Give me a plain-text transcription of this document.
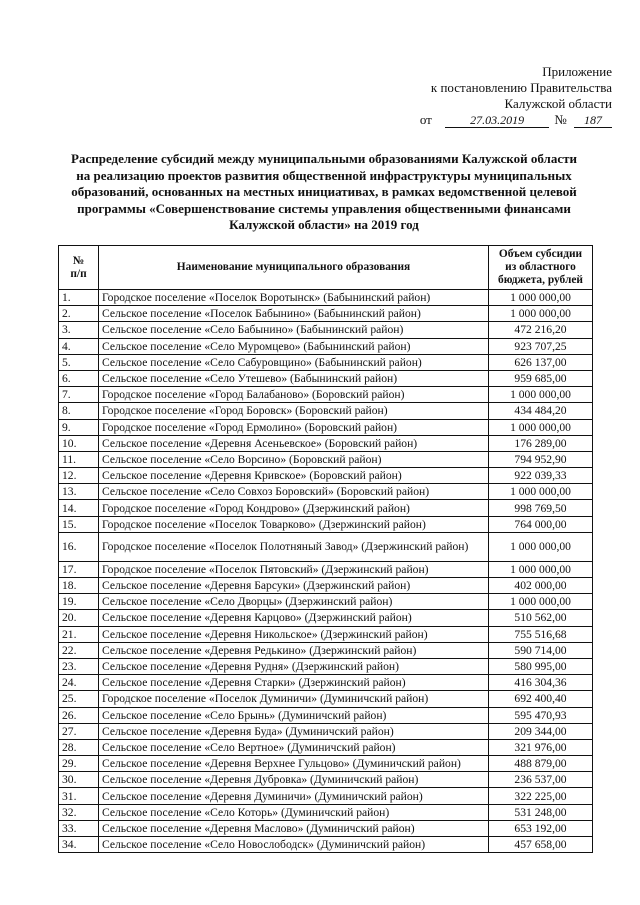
Приложение
к постановлению Правительства
Калужской области
от	27.03.2019 № 187
Распределение субсидий между муниципальными образованиями Калужской области на реализацию проектов развития общественной инфраструктуры муниципальных образований, основанных на местных инициативах, в рамках ведомственной целевой программы «Совершенствование системы управления общественными финансами Калужской области» на 2019 год
№ п/п	Наименование муниципального образования	Объем субсидии из областного бюджета, рублей

1.	Городское поселение «Поселок Воротынск» (Бабынинский район)	1 000 000,00
2.	Сельское поселение «Поселок Бабынино» (Бабынинский район)	1 000 000,00
3.	Сельское поселение «Село Бабынино» (Бабынинский район)	472 216,20
4.	Сельское поселение «Село Муромцево» (Бабынинский район)	923 707,25
5.	Сельское поселение «Село Сабуровщино» (Бабынинский район)	626 137,00
6.	Сельское поселение «Село Утешево» (Бабынинский район)	959 685,00
7.	Городское поселение «Город Балабаново» (Боровский район)	1 000 000,00
8.	Городское поселение «Город Боровск» (Боровский район)	434 484,20
9.	Городское поселение «Город Ермолино» (Боровский район)	1 000 000,00
10.	Сельское поселение «Деревня Асеньевское» (Боровский район)	176 289,00
11.	Сельское поселение «Село Ворсино» (Боровский район)	794 952,90
12.	Сельское поселение «Деревня Кривское» (Боровский район)	922 039,33
13.	Сельское поселение «Село Совхоз Боровский» (Боровский район)	1 000 000,00
14.	Городское поселение «Город Кондрово» (Дзержинский район)	998 769,50
15.	Городское поселение «Поселок Товарково» (Дзержинский район)	764 000,00
16.	Городское поселение «Поселок Полотняный Завод» (Дзержинский район)	1 000 000,00
17.	Городское поселение «Поселок Пятовский» (Дзержинский район)	1 000 000,00
18.	Сельское поселение «Деревня Барсуки» (Дзержинский район)	402 000,00
19.	Сельское поселение «Село Дворцы» (Дзержинский район)	1 000 000,00
20.	Сельское поселение «Деревня Карцово» (Дзержинский район)	510 562,00
21.	Сельское поселение «Деревня Никольское» (Дзержинский район)	755 516,68
22.	Сельское поселение «Деревня Редькино» (Дзержинский район)	590 714,00
23.	Сельское поселение «Деревня Рудня» (Дзержинский район)	580 995,00
24.	Сельское поселение «Деревня Старки» (Дзержинский район)	416 304,36
25.	Городское поселение «Поселок Думиничи» (Думиничский район)	692 400,40
26.	Сельское поселение «Село Брынь» (Думиничский район)	595 470,93
27.	Сельское поселение «Деревня Буда» (Думиничский район)	209 344,00
28.	Сельское поселение «Село Вертное» (Думиничский район)	321 976,00
29.	Сельское поселение «Деревня Верхнее Гульцово» (Думиничский район)	488 879,00
30.	Сельское поселение «Деревня Дубровка» (Думиничский район)	236 537,00
31.	Сельское поселение «Деревня Думиничи» (Думиничский район)	322 225,00
32.	Сельское поселение «Село Которь» (Думиничский район)	531 248,00
33.	Сельское поселение «Деревня Маслово» (Думиничский район)	653 192,00
34.	Сельское поселение «Село Новослободск» (Думиничский район)	457 658,00
